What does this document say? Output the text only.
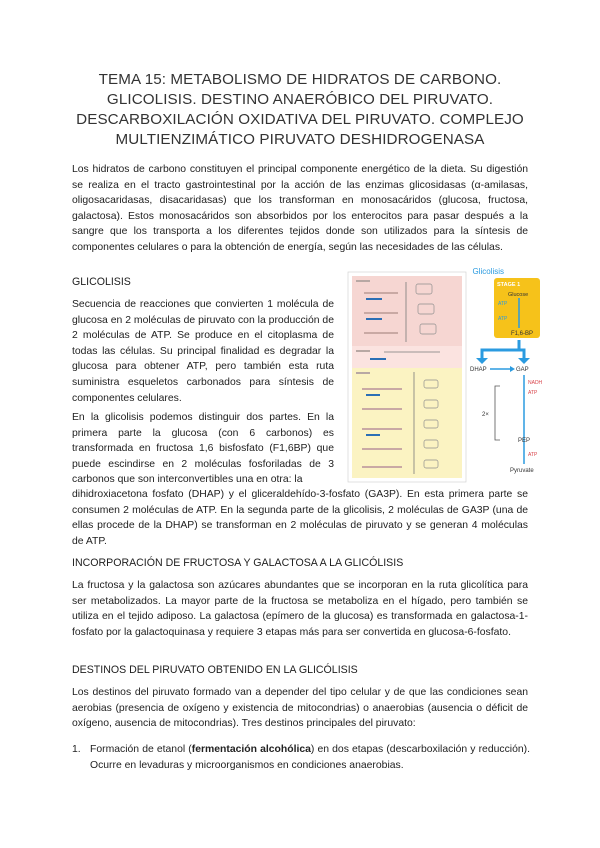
TEMA 15: METABOLISMO DE HIDRATOS DE CARBONO.
GLICOLISIS. DESTINO ANAERÓBICO DEL PIRUVATO.
DESCARBOXILACIÓN OXIDATIVA DEL PIRUVATO. COMPLEJO
MULTIENZIMÁTICO PIRUVATO DESHIDROGENASA

Los hidratos de carbono constituyen el principal componente energético de la dieta. Su digestión se realiza en el tracto gastrointestinal por la acción de las enzimas glicosidasas (α-amilasas, oligosacaridasas, disacaridasas) que los transforman en monosacáridos (glucosa, fructosa, galactosa). Estos monosacáridos son absorbidos por los enterocitos para pasar después a la sangre que los transporta a los diferentes tejidos donde son utilizados para la síntesis de componentes celulares o para la obtención de energía, según las necesidades de las células.

GLICOLISIS

Secuencia de reacciones que convierten 1 molécula de glucosa en 2 moléculas de piruvato con la producción de 2 moléculas de ATP. Se produce en el citoplasma de todas las células. Su principal finalidad es degradar la glucosa para obtener ATP, pero también esta ruta suministra esqueletos carbonados para síntesis de componentes celulares.

En la glicolisis podemos distinguir dos partes. En la primera parte la glucosa (con 6 carbonos) es transformada en fructosa 1,6 bisfosfato (F1,6BP) que puede escindirse en 2 moléculas fosforiladas de 3 carbonos que son interconvertibles una en otra: la

dihidroxiacetona fosfato (DHAP) y el gliceraldehído-3-fosfato (GA3P). En esta primera parte se consumen 2 moléculas de ATP. En la segunda parte de la glicolisis, 2 moléculas de GA3P (una de ellas procede de la DHAP) se transforman en 2 moléculas de piruvato y se generan 4 moléculas de ATP.

Glicolisis
STAGE 1
Glucose
ATP
ATP
F1,6-BP
DHAP	GAP
NADH
ATP
2×
PEP
ATP
Pyruvate

INCORPORACIÓN DE FRUCTOSA Y GALACTOSA A LA GLICÓLISIS

La fructosa y la galactosa son azúcares abundantes que se incorporan en la ruta glicolítica para ser metabolizados. La mayor parte de la fructosa se metaboliza en el hígado, pero también se utiliza en el tejido adiposo. La galactosa (epímero de la glucosa) es transformada en galactosa-1-fosfato por la galactoquinasa y requiere 3 etapas más para ser convertida en glucosa-6-fosfato.

DESTINOS DEL PIRUVATO OBTENIDO EN LA GLICÓLISIS

Los destinos del piruvato formado van a depender del tipo celular y de que las condiciones sean aerobias (presencia de oxígeno y existencia de mitocondrias) o anaerobias (ausencia o déficit de oxígeno, ausencia de mitocondrias). Tres destinos principales del piruvato:

1. Formación de etanol (fermentación alcohólica) en dos etapas (descarboxilación y reducción). Ocurre en levaduras y microorganismos en condiciones anaerobias.
